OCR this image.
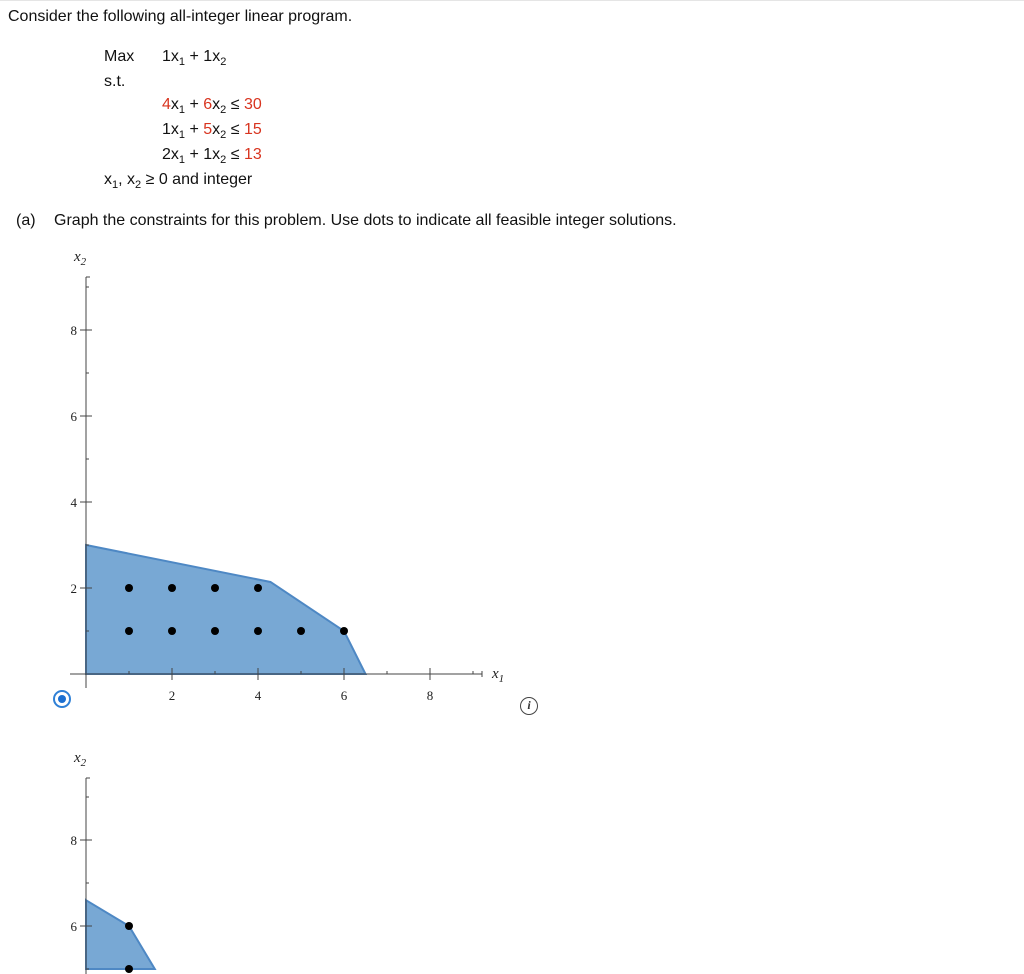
Consider the following all-integer linear program.
Max $1x_1 + 1x_2$
s.t.
$4x_1 + 6x_2 \le 30$
$1x_1 + 5x_2 \le 15$
$2x_1 + 1x_2 \le 13$
$x_1$, $x_2 \ge 0$ and integer
(a) Graph the constraints for this problem. Use dots to indicate all feasible integer solutions.
2
4
6
8
$x_2$
2	4	6	8
$x_1$
i
6
8
$x_2$
